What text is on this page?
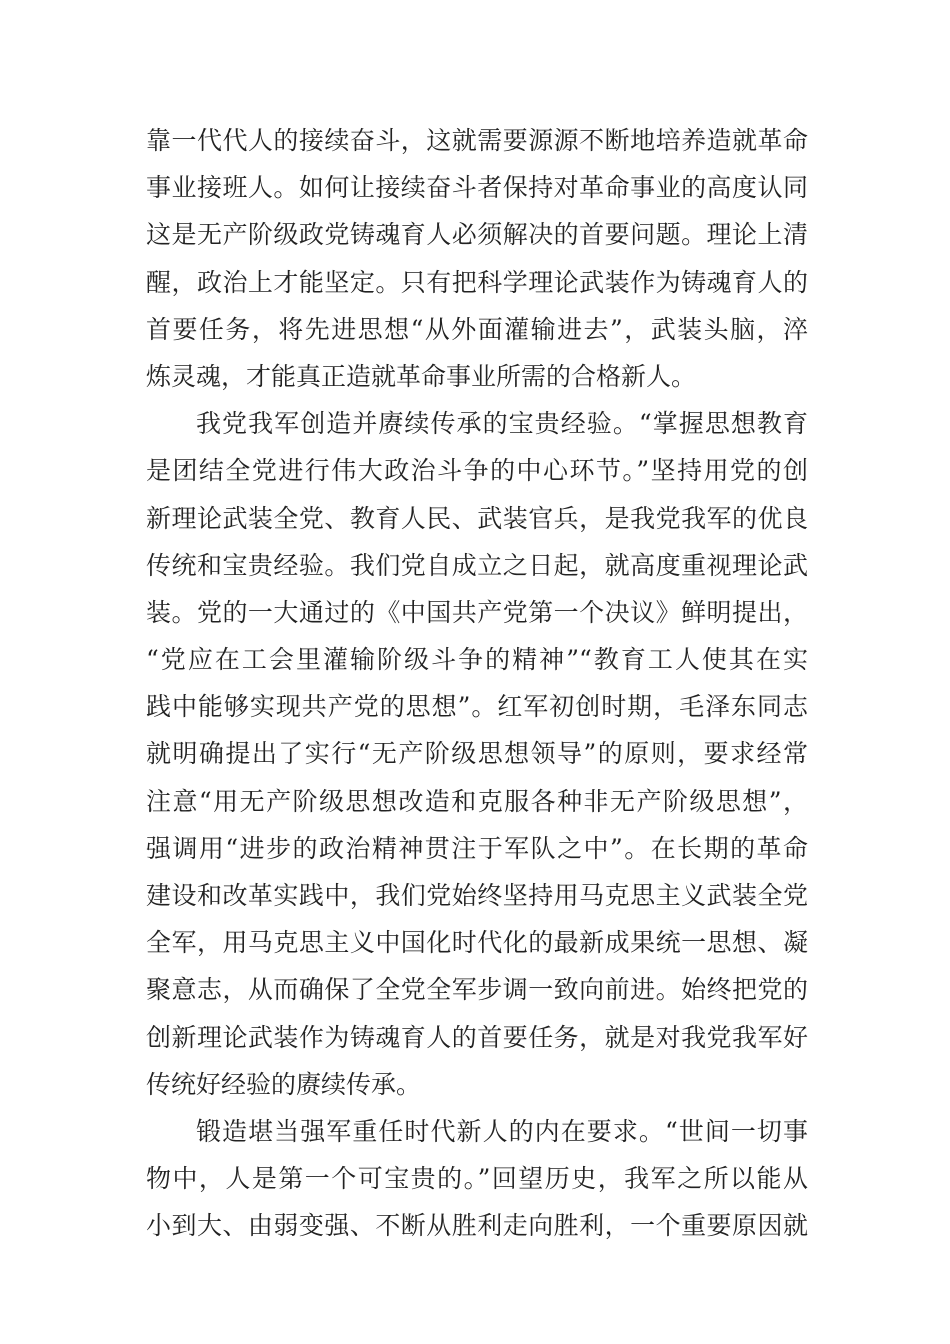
靠一代代人的接续奋斗，这就需要源源不断地培养造就革命
事业接班人。如何让接续奋斗者保持对革命事业的高度认同
这是无产阶级政党铸魂育人必须解决的首要问题。理论上清
醒，政治上才能坚定。只有把科学理论武装作为铸魂育人的
首要任务，将先进思想“从外面灌输进去”，武装头脑，淬
炼灵魂，才能真正造就革命事业所需的合格新人。
我党我军创造并赓续传承的宝贵经验。“掌握思想教育
是团结全党进行伟大政治斗争的中心环节。”坚持用党的创
新理论武装全党、教育人民、武装官兵，是我党我军的优良
传统和宝贵经验。我们党自成立之日起，就高度重视理论武
装。党的一大通过的《中国共产党第一个决议》鲜明提出，
“党应在工会里灌输阶级斗争的精神”“教育工人使其在实
践中能够实现共产党的思想”。红军初创时期，毛泽东同志
就明确提出了实行“无产阶级思想领导”的原则，要求经常
注意“用无产阶级思想改造和克服各种非无产阶级思想”，
强调用“进步的政治精神贯注于军队之中”。在长期的革命
建设和改革实践中，我们党始终坚持用马克思主义武装全党
全军，用马克思主义中国化时代化的最新成果统一思想、凝
聚意志，从而确保了全党全军步调一致向前进。始终把党的
创新理论武装作为铸魂育人的首要任务，就是对我党我军好
传统好经验的赓续传承。
锻造堪当强军重任时代新人的内在要求。“世间一切事
物中，人是第一个可宝贵的。”回望历史，我军之所以能从
小到大、由弱变强、不断从胜利走向胜利，一个重要原因就
